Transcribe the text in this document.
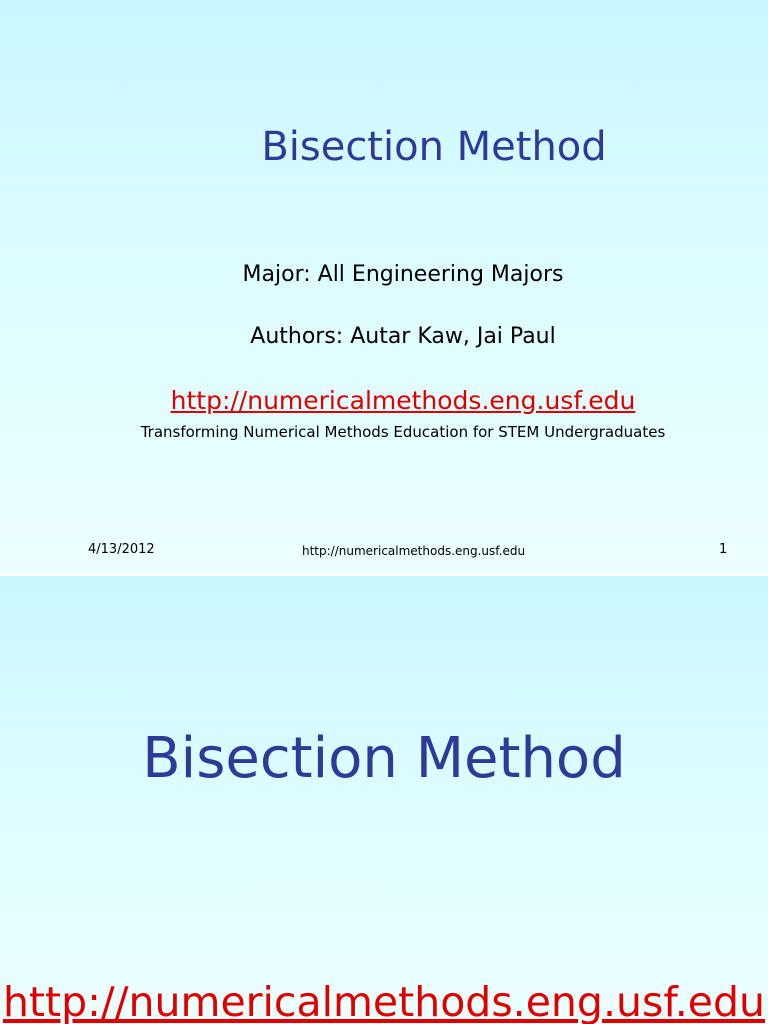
Bisection Method
Major: All Engineering Majors
Authors: Autar Kaw, Jai Paul
http://numericalmethods.eng.usf.edu
Transforming Numerical Methods Education for STEM Undergraduates
4/13/2012	http://numericalmethods.eng.usf.edu	1
Bisection Method
http://numericalmethods.eng.usf.edu
